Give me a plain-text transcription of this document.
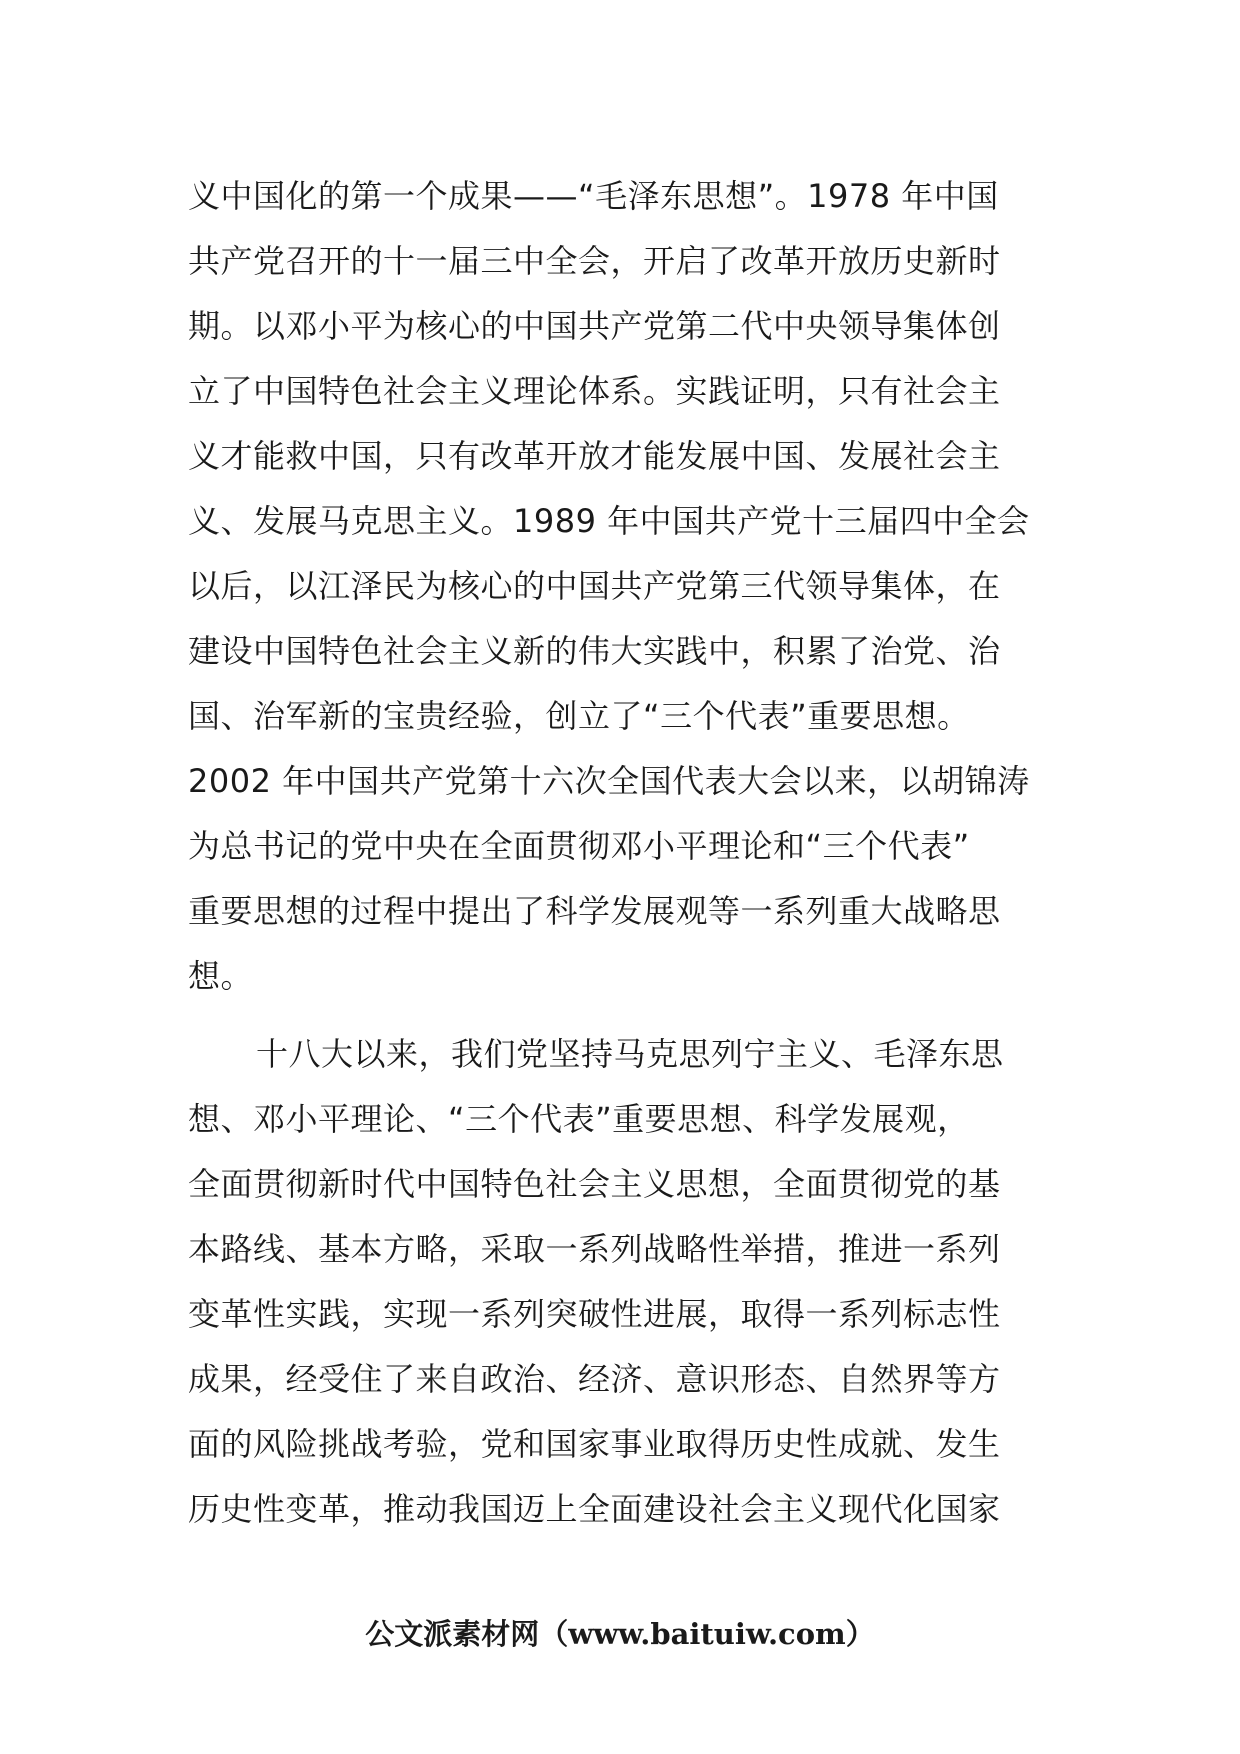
义中国化的第一个成果——“毛泽东思想”。1978 年中国
共产党召开的十一届三中全会，开启了改革开放历史新时
期。以邓小平为核心的中国共产党第二代中央领导集体创
立了中国特色社会主义理论体系。实践证明，只有社会主
义才能救中国，只有改革开放才能发展中国、发展社会主
义、发展马克思主义。1989 年中国共产党十三届四中全会
以后，以江泽民为核心的中国共产党第三代领导集体，在
建设中国特色社会主义新的伟大实践中，积累了治党、治
国、治军新的宝贵经验，创立了“三个代表”重要思想。
2002 年中国共产党第十六次全国代表大会以来，以胡锦涛
为总书记的党中央在全面贯彻邓小平理论和“三个代表”
重要思想的过程中提出了科学发展观等一系列重大战略思
想。

十八大以来，我们党坚持马克思列宁主义、毛泽东思
想、邓小平理论、“三个代表”重要思想、科学发展观，
全面贯彻新时代中国特色社会主义思想，全面贯彻党的基
本路线、基本方略，采取一系列战略性举措，推进一系列
变革性实践，实现一系列突破性进展，取得一系列标志性
成果，经受住了来自政治、经济、意识形态、自然界等方
面的风险挑战考验，党和国家事业取得历史性成就、发生
历史性变革，推动我国迈上全面建设社会主义现代化国家

公文派素材网（www.baituiw.com）
